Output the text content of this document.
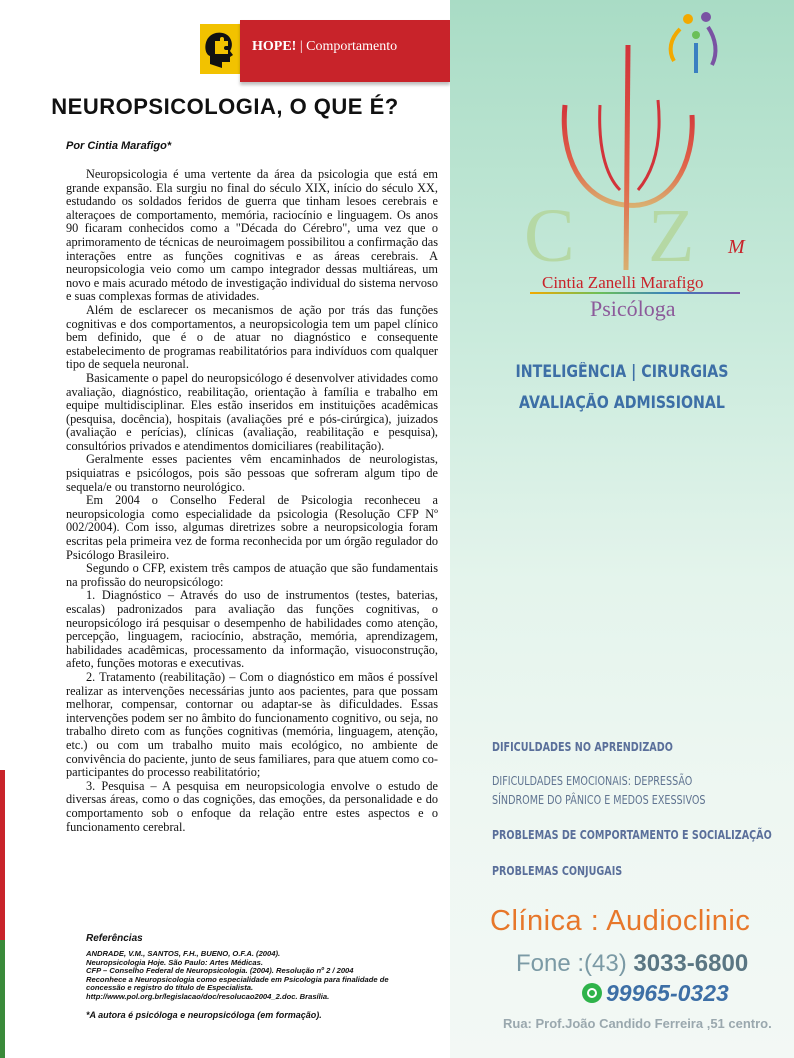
HOPE! | Comportamento
NEUROPSICOLOGIA, O QUE É?
Por Cintia Marafigo*

Neuropsicologia é uma vertente da área da psicologia que está em grande expansão. Ela surgiu no final do século XIX, início do século XX, estudando os soldados feridos de guerra que tinham lesoes cerebrais e alteraçoes de comportamento, memória, raciocínio e linguagem. Os anos 90 ficaram conhecidos como a "Década do Cérebro", uma vez que o aprimoramento de técnicas de neuroimagem possibilitou a confirmação das interações entre as funções cognitivas e as áreas cerebrais. A neuropsicologia veio como um campo integrador dessas multiáreas, um novo e mais acurado método de investigação individual do sistema nervoso e suas complexas formas de atividades.

Além de esclarecer os mecanismos de ação por trás das funções cognitivas e dos comportamentos, a neuropsicologia tem um papel clínico bem definido, que é o de atuar no diagnóstico e consequente estabelecimento de programas reabilitatórios para indivíduos com qualquer tipo de sequela neuronal.

Basicamente o papel do neuropsicólogo é desenvolver atividades como avaliação, diagnóstico, reabilitação, orientação à família e trabalho em equipe multidisciplinar. Eles estão inseridos em instituições acadêmicas (pesquisa, docência), hospitais (avaliações pré e pós-cirúrgica), juizados (avaliação e perícias), clínicas (avaliação, reabilitação e pesquisa), consultórios privados e atendimentos domiciliares (reabilitação).

Geralmente esses pacientes vêm encaminhados de neurologistas, psiquiatras e psicólogos, pois são pessoas que sofreram algum tipo de sequela/e ou transtorno neurológico.

Em 2004 o Conselho Federal de Psicologia reconheceu a neuropsicologia como especialidade da psicologia (Resolução CFP Nº 002/2004). Com isso, algumas diretrizes sobre a neuropsicologia foram escritas pela primeira vez de forma reconhecida por um órgão regulador do Psicólogo Brasileiro.

Segundo o CFP, existem três campos de atuação que são fundamentais na profissão do neuropsicólogo:

1. Diagnóstico – Através do uso de instrumentos (testes, baterias, escalas) padronizados para avaliação das funções cognitivas, o neuropsicólogo irá pesquisar o desempenho de habilidades como atenção, percepção, linguagem, raciocínio, abstração, memória, aprendizagem, habilidades acadêmicas, processamento da informação, visuoconstrução, afeto, funções motoras e executivas.

2. Tratamento (reabilitação) – Com o diagnóstico em mãos é possível realizar as intervenções necessárias junto aos pacientes, para que possam melhorar, compensar, contornar ou adaptar-se às dificuldades. Essas intervenções podem ser no âmbito do funcionamento cognitivo, ou seja, no trabalho direto com as funções cognitivas (memória, linguagem, atenção, etc.) ou com um trabalho muito mais ecológico, no ambiente de convivência do paciente, junto de seus familiares, para que atuem como co-participantes do processo reabilitatório;

3. Pesquisa – A pesquisa em neuropsicologia envolve o estudo de diversas áreas, como o das cognições, das emoções, da personalidade e do comportamento sob o enfoque da relação entre estes aspectos e o funcionamento cerebral.

Referências
ANDRADE, V.M., SANTOS, F.H., BUENO, O.F.A. (2004).
Neuropsicologia Hoje. São Paulo: Artes Médicas.
CFP – Conselho Federal de Neuropsicologia. (2004). Resolução nº 2 / 2004
Reconhece a Neuropsicologia como especialidade em Psicologia para finalidade de
concessão e registro do título de Especialista.
http://www.pol.org.br/legislacao/doc/resolucao2004_2.doc. Brasília.
*A autora é psicóloga e neuropsicóloga (em formação).
C Z M
Cintia Zanelli Marafigo
Psicóloga
INTELIGÊNCIA | CIRURGIAS
AVALIAÇÃO ADMISSIONAL
DIFICULDADES NO APRENDIZADO
DIFICULDADES EMOCIONAIS: DEPRESSÃO
SÍNDROME DO PÂNICO E MEDOS EXESSIVOS
PROBLEMAS DE COMPORTAMENTO E SOCIALIZAÇÃO
PROBLEMAS CONJUGAIS
Clínica : Audioclinic
Fone :(43) 3033-6800
99965-0323
Rua: Prof.João Candido Ferreira ,51 centro.
